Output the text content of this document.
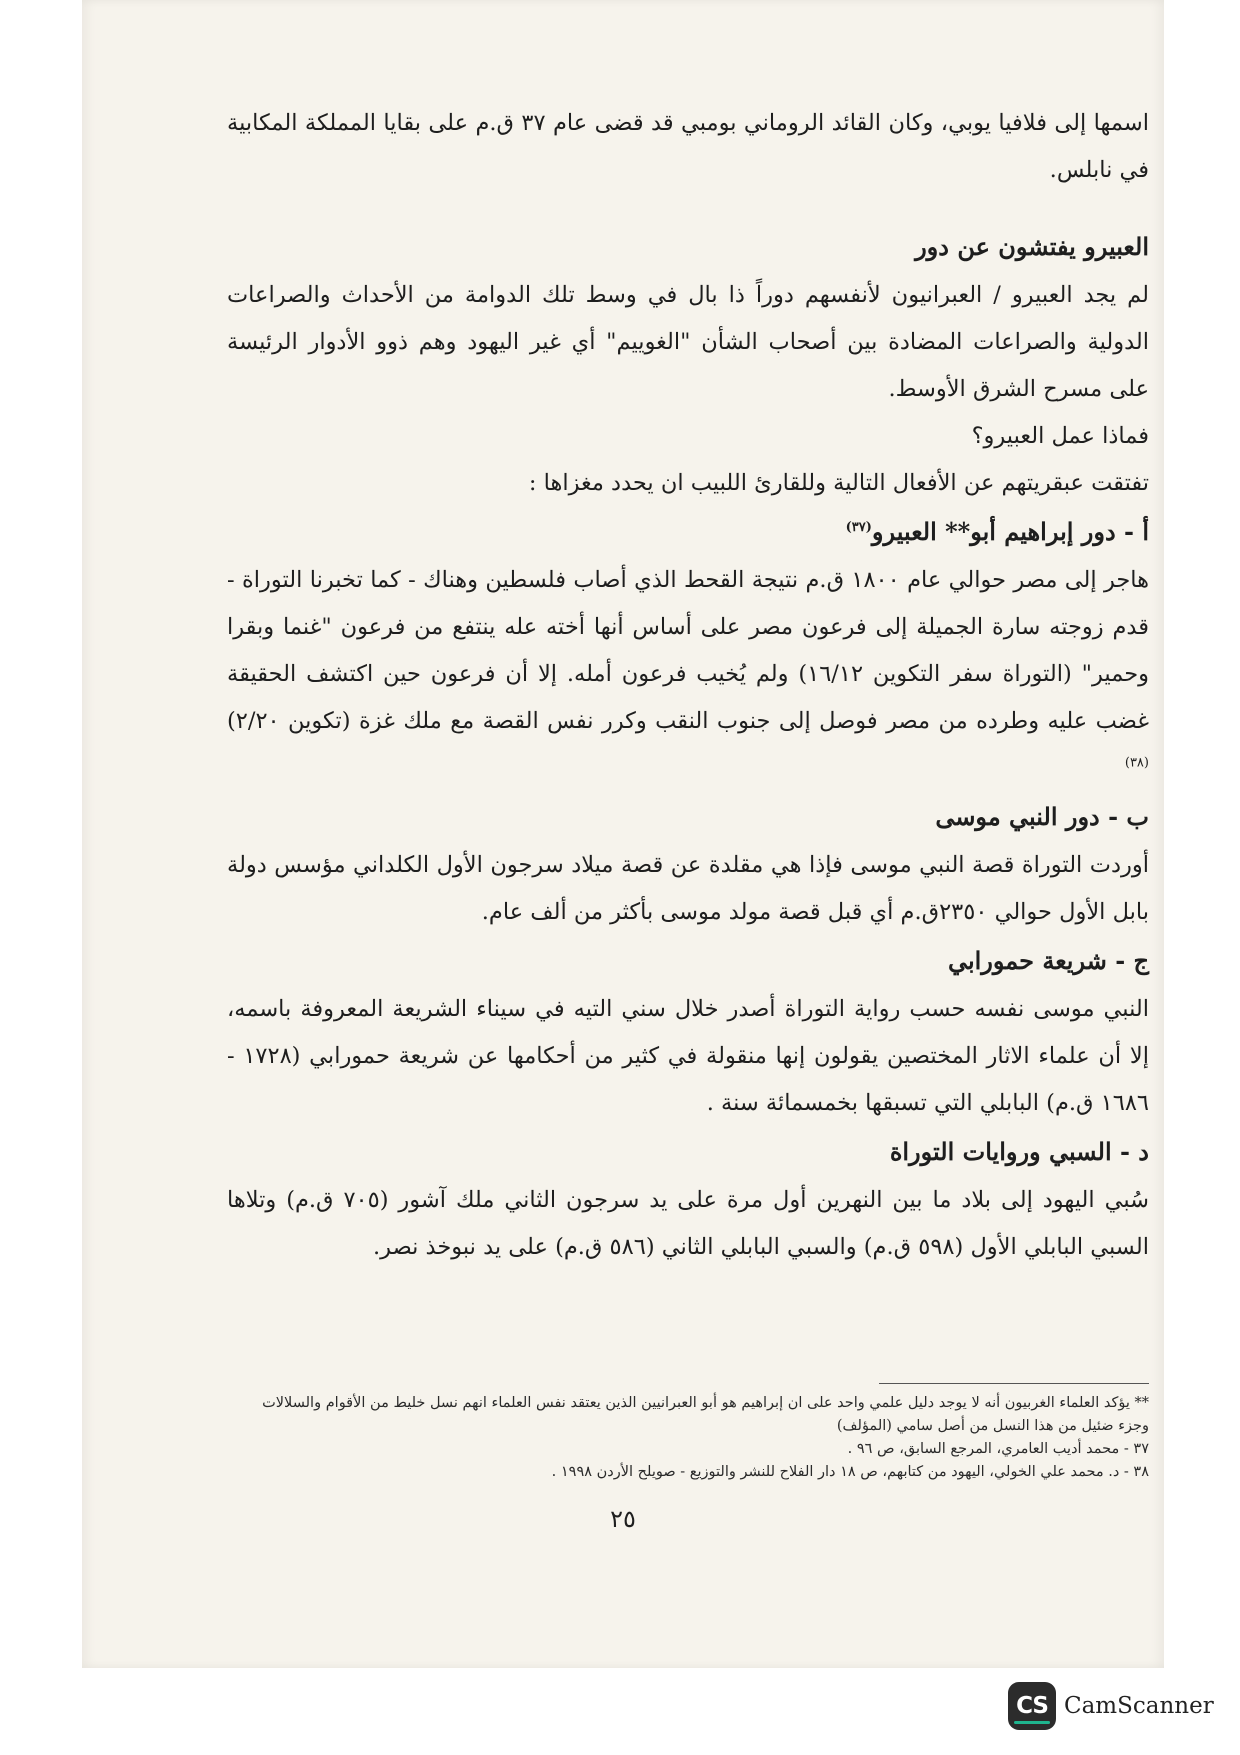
اسمها إلى فلافيا يوبي، وكان القائد الروماني بومبي قد قضى عام ٣٧ ق.م على بقايا المملكة المكابية في نابلس.

العبيرو يفتشون عن دور

لم يجد العبيرو / العبرانيون لأنفسهم دوراً ذا بال في وسط تلك الدوامة من الأحداث والصراعات الدولية والصراعات المضادة بين أصحاب الشأن "الغوييم" أي غير اليهود وهم ذوو الأدوار الرئيسة على مسرح الشرق الأوسط.

فماذا عمل العبيرو؟

تفتقت عبقريتهم عن الأفعال التالية وللقارئ اللبيب ان يحدد مغزاها :

أ - دور إبراهيم أبو** العبيرو$^{(٣٧)}$

هاجر إلى مصر حوالي عام ١٨٠٠ ق.م نتيجة القحط الذي أصاب فلسطين وهناك - كما تخبرنا التوراة - قدم زوجته سارة الجميلة إلى فرعون مصر على أساس أنها أخته عله ينتفع من فرعون "غنما وبقرا وحمير" (التوراة سفر التكوين ١٦/١٢) ولم يُخيب فرعون أمله. إلا أن فرعون حين اكتشف الحقيقة غضب عليه وطرده من مصر فوصل إلى جنوب النقب وكرر نفس القصة مع ملك غزة (تكوين ٢/٢٠)$^{(٣٨)}$

ب - دور النبي موسى

أوردت التوراة قصة النبي موسى فإذا هي مقلدة عن قصة ميلاد سرجون الأول الكلداني مؤسس دولة بابل الأول حوالي ٢٣٥٠ق.م أي قبل قصة مولد موسى بأكثر من ألف عام.

ج - شريعة حمورابي

النبي موسى نفسه حسب رواية التوراة أصدر خلال سني التيه في سيناء الشريعة المعروفة باسمه، إلا أن علماء الاثار المختصين يقولون إنها منقولة في كثير من أحكامها عن شريعة حمورابي (١٧٢٨ - ١٦٨٦ ق.م) البابلي التي تسبقها بخمسمائة سنة .

د - السبي وروايات التوراة

سُبي اليهود إلى بلاد ما بين النهرين أول مرة على يد سرجون الثاني ملك آشور (٧٠٥ ق.م) وتلاها السبي البابلي الأول (٥٩٨ ق.م) والسبي البابلي الثاني (٥٨٦ ق.م) على يد نبوخذ نصر.

** يؤكد العلماء الغربيون أنه لا يوجد دليل علمي واحد على ان إبراهيم هو أبو العبرانيين الذين يعتقد نفس العلماء انهم نسل خليط من الأقوام والسلالات وجزء ضئيل من هذا النسل من أصل سامي (المؤلف)

٣٧ - محمد أديب العامري، المرجع السابق، ص ٩٦ .

٣٨ - د. محمد علي الخولي، اليهود من كتابهم، ص ١٨ دار الفلاح للنشر والتوزيع - صويلح الأردن ١٩٩٨ .

٢٥
CS CamScanner
